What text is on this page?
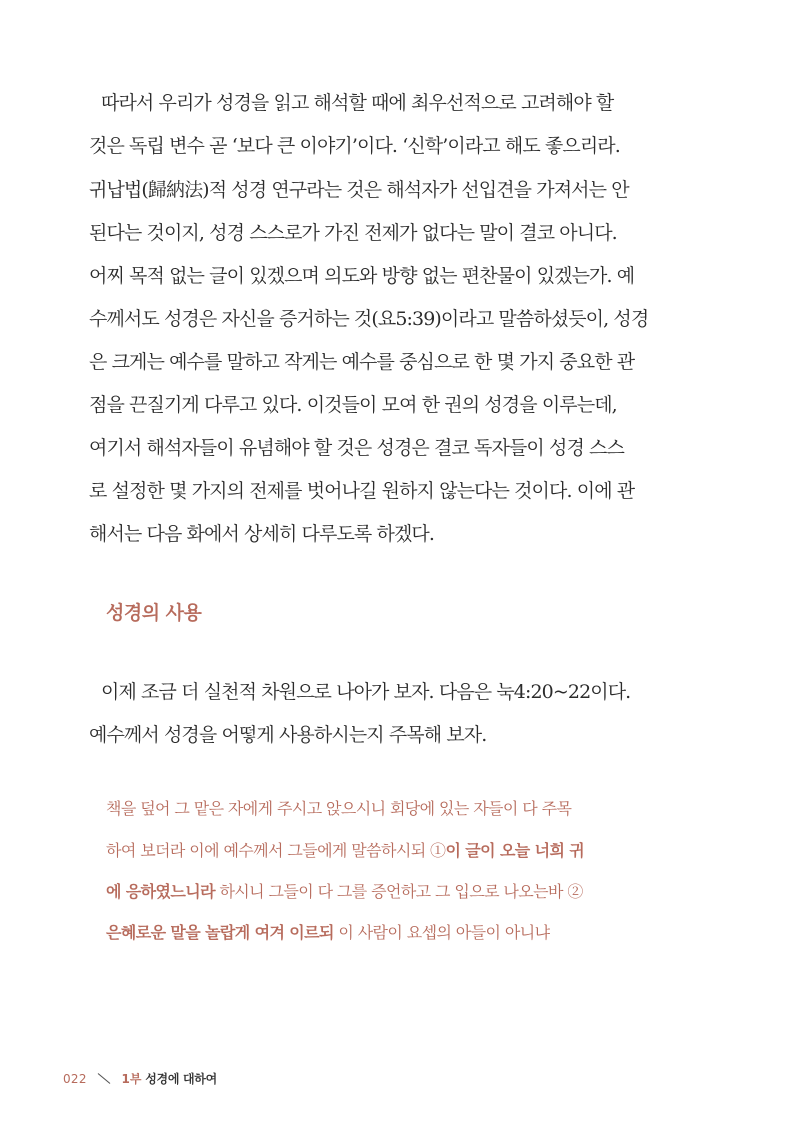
따라서 우리가 성경을 읽고 해석할 때에 최우선적으로 고려해야 할
것은 독립 변수 곧 ‘보다 큰 이야기’이다. ‘신학’이라고 해도 좋으리라.
귀납법(歸納法)적 성경 연구라는 것은 해석자가 선입견을 가져서는 안
된다는 것이지, 성경 스스로가 가진 전제가 없다는 말이 결코 아니다.
어찌 목적 없는 글이 있겠으며 의도와 방향 없는 편찬물이 있겠는가. 예
수께서도 성경은 자신을 증거하는 것(요5:39)이라고 말씀하셨듯이, 성경
은 크게는 예수를 말하고 작게는 예수를 중심으로 한 몇 가지 중요한 관
점을 끈질기게 다루고 있다. 이것들이 모여 한 권의 성경을 이루는데,
여기서 해석자들이 유념해야 할 것은 성경은 결코 독자들이 성경 스스
로 설정한 몇 가지의 전제를 벗어나길 원하지 않는다는 것이다. 이에 관
해서는 다음 화에서 상세히 다루도록 하겠다.
성경의 사용
이제 조금 더 실천적 차원으로 나아가 보자. 다음은 눅4:20~22이다.
예수께서 성경을 어떻게 사용하시는지 주목해 보자.
책을 덮어 그 맡은 자에게 주시고 앉으시니 회당에 있는 자들이 다 주목
하여 보더라 이에 예수께서 그들에게 말씀하시되 ①이 글이 오늘 너희 귀
에 응하였느니라 하시니 그들이 다 그를 증언하고 그 입으로 나오는바 ②
은혜로운 말을 놀랍게 여겨 이르되 이 사람이 요셉의 아들이 아니냐
022	1부 성경에 대하여
